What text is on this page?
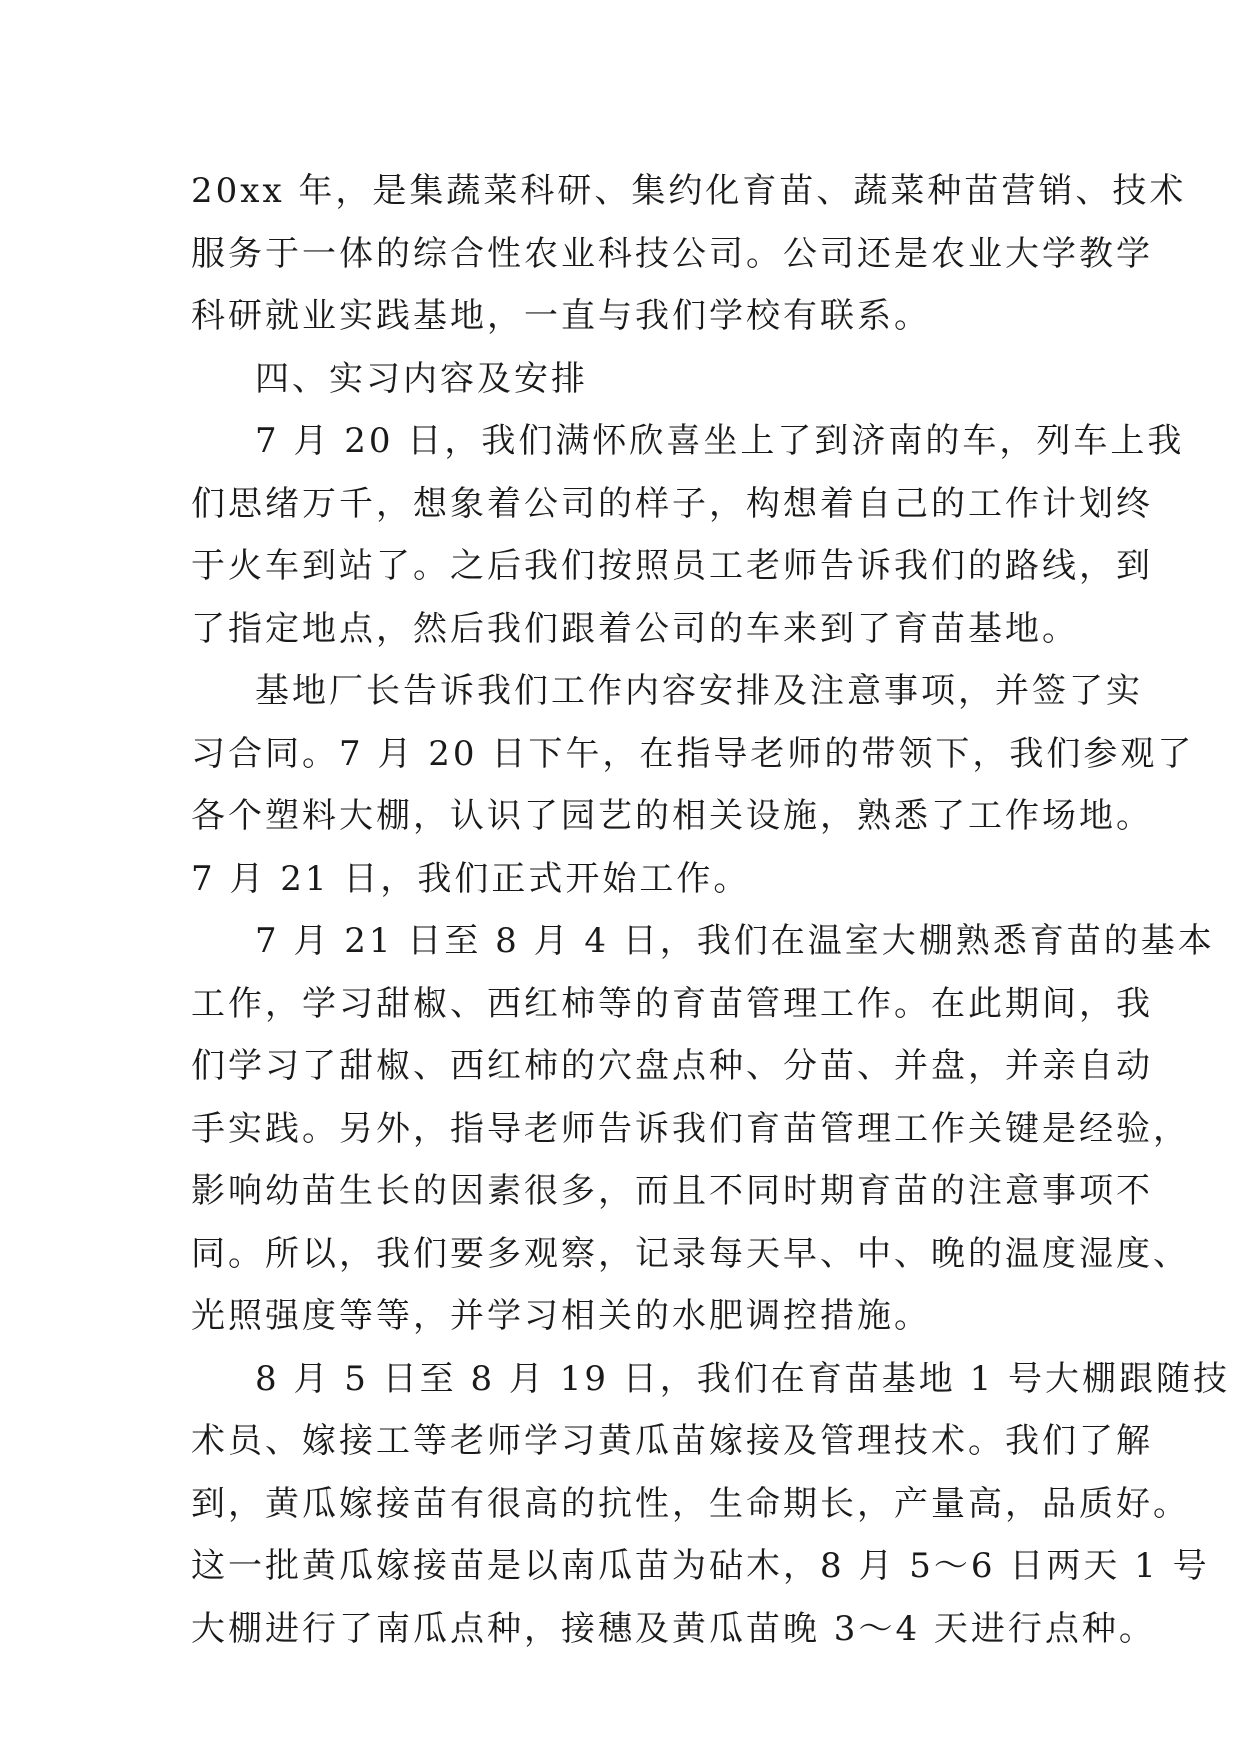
20xx 年，是集蔬菜科研、集约化育苗、蔬菜种苗营销、技术
服务于一体的综合性农业科技公司。公司还是农业大学教学
科研就业实践基地，一直与我们学校有联系。
四、实习内容及安排
7 月 20 日，我们满怀欣喜坐上了到济南的车，列车上我
们思绪万千，想象着公司的样子，构想着自己的工作计划终
于火车到站了。之后我们按照员工老师告诉我们的路线，到
了指定地点，然后我们跟着公司的车来到了育苗基地。
基地厂长告诉我们工作内容安排及注意事项，并签了实
习合同。7 月 20 日下午，在指导老师的带领下，我们参观了
各个塑料大棚，认识了园艺的相关设施，熟悉了工作场地。
7 月 21 日，我们正式开始工作。
7 月 21 日至 8 月 4 日，我们在温室大棚熟悉育苗的基本
工作，学习甜椒、西红柿等的育苗管理工作。在此期间，我
们学习了甜椒、西红柿的穴盘点种、分苗、并盘，并亲自动
手实践。另外，指导老师告诉我们育苗管理工作关键是经验，
影响幼苗生长的因素很多，而且不同时期育苗的注意事项不
同。所以，我们要多观察，记录每天早、中、晚的温度湿度、
光照强度等等，并学习相关的水肥调控措施。
8 月 5 日至 8 月 19 日，我们在育苗基地 1 号大棚跟随技
术员、嫁接工等老师学习黄瓜苗嫁接及管理技术。我们了解
到，黄瓜嫁接苗有很高的抗性，生命期长，产量高，品质好。
这一批黄瓜嫁接苗是以南瓜苗为砧木，8 月 5～6 日两天 1 号
大棚进行了南瓜点种，接穗及黄瓜苗晚 3～4 天进行点种。
